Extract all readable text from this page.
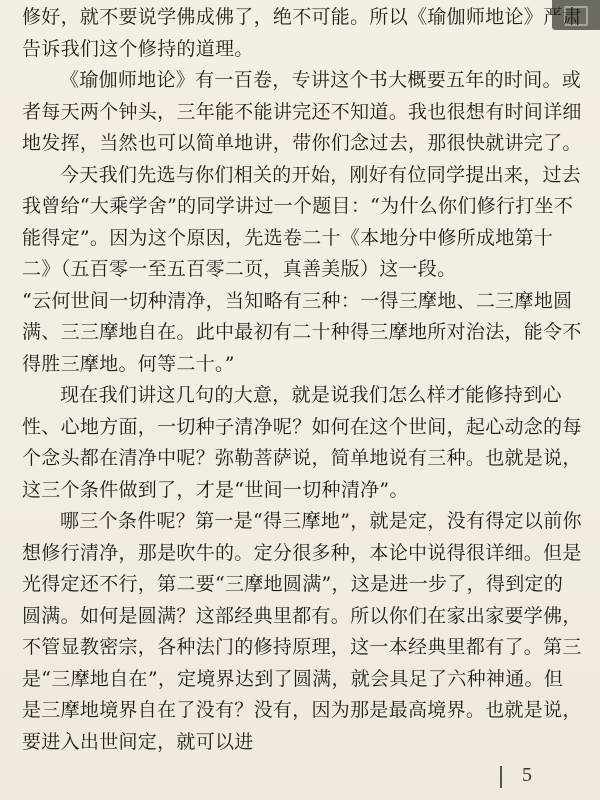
修好，就不要说学佛成佛了，绝不可能。所以《瑜伽师地论》严肃告诉我们这个修持的道理。

《瑜伽师地论》有一百卷，专讲这个书大概要五年的时间。或者每天两个钟头，三年能不能讲完还不知道。我也很想有时间详细地发挥，当然也可以简单地讲，带你们念过去，那很快就讲完了。

今天我们先选与你们相关的开始，刚好有位同学提出来，过去我曾给“大乘学舍”的同学讲过一个题目：“为什么你们修行打坐不能得定”。因为这个原因，先选卷二十《本地分中修所成地第十二》（五百零一至五百零二页，真善美版）这一段。

“云何世间一切种清净，当知略有三种：一得三摩地、二三摩地圆满、三三摩地自在。此中最初有二十种得三摩地所对治法，能令不得胜三摩地。何等二十。”

现在我们讲这几句的大意，就是说我们怎么样才能修持到心性、心地方面，一切种子清净呢？如何在这个世间，起心动念的每个念头都在清净中呢？弥勒菩萨说，简单地说有三种。也就是说，这三个条件做到了，才是“世间一切种清净”。

哪三个条件呢？第一是“得三摩地”，就是定，没有得定以前你想修行清净，那是吹牛的。定分很多种，本论中说得很详细。但是光得定还不行，第二要“三摩地圆满”，这是进一步了，得到定的圆满。如何是圆满？这部经典里都有。所以你们在家出家要学佛，不管显教密宗，各种法门的修持原理，这一本经典里都有了。第三是“三摩地自在”，定境界达到了圆满，就会具足了六种神通。但是三摩地境界自在了没有？没有，因为那是最高境界。也就是说，要进入出世间定，就可以进

5
